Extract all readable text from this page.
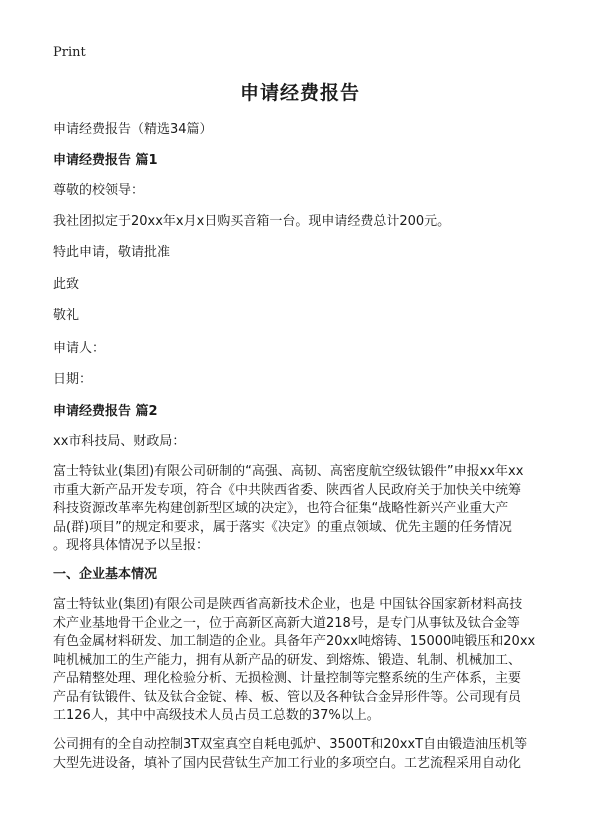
Print
申请经费报告
申请经费报告（精选34篇）
申请经费报告 篇1
尊敬的校领导：
我社团拟定于20xx年x月x日购买音箱一台。现申请经费总计200元。
特此申请，敬请批准
此致
敬礼
申请人：
日期：
申请经费报告 篇2
xx市科技局、财政局：
富士特钛业(集团)有限公司研制的“高强、高韧、高密度航空级钛锻件”申报xx年xx
市重大新产品开发专项，符合《中共陕西省委、陕西省人民政府关于加快关中统筹
科技资源改革率先构建创新型区域的决定》，也符合征集“战略性新兴产业重大产
品(群)项目”的规定和要求，属于落实《决定》的重点领域、优先主题的任务情况
。现将具体情况予以呈报：
一、企业基本情况
富士特钛业(集团)有限公司是陕西省高新技术企业，也是 中国钛谷国家新材料高技
术产业基地骨干企业之一，位于高新区高新大道218号，是专门从事钛及钛合金等
有色金属材料研发、加工制造的企业。具备年产20xx吨熔铸、15000吨锻压和20xx
吨机械加工的生产能力，拥有从新产品的研发、到熔炼、锻造、轧制、机械加工、
产品精整处理、理化检验分析、无损检测、计量控制等完整系统的生产体系，主要
产品有钛锻件、钛及钛合金锭、棒、板、管以及各种钛合金异形件等。公司现有员
工126人，其中中高级技术人员占员工总数的37%以上。
公司拥有的全自动控制3T双室真空自耗电弧炉、3500T和20xxT自由锻造油压机等
大型先进设备，填补了国内民营钛生产加工行业的多项空白。工艺流程采用自动化
